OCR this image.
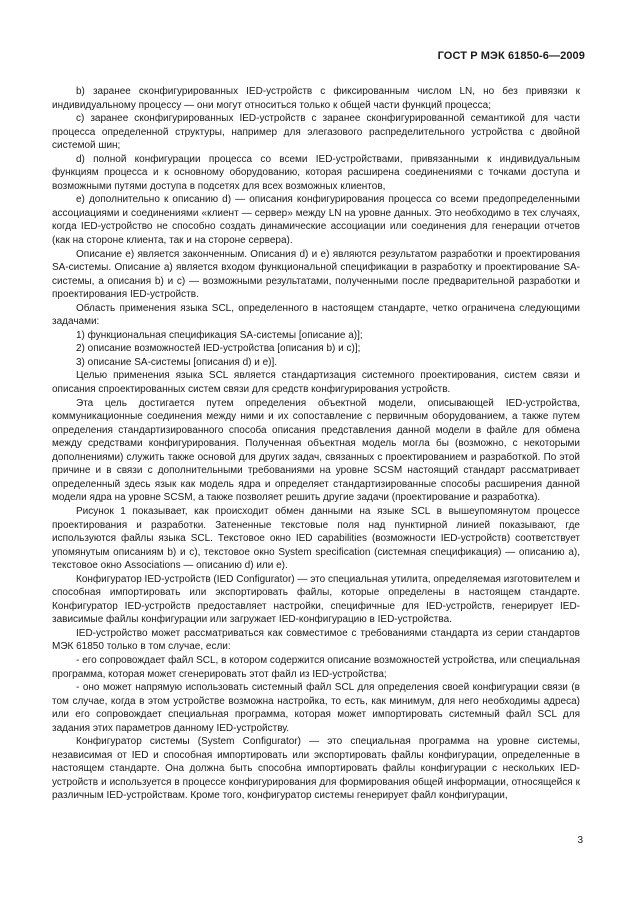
ГОСТ Р МЭК 61850-6—2009

b) заранее сконфигурированных IED-устройств с фиксированным числом LN, но без привязки к индивидуальному процессу — они могут относиться только к общей части функций процесса;

c) заранее сконфигурированных IED-устройств с заранее сконфигурированной семантикой для части процесса определенной структуры, например для элегазового распределительного устройства с двойной системой шин;

d) полной конфигурации процесса со всеми IED-устройствами, привязанными к индивидуальным функциям процесса и к основному оборудованию, которая расширена соединениями с точками доступа и возможными путями доступа в подсетях для всех возможных клиентов,

e) дополнительно к описанию d) — описания конфигурирования процесса со всеми предопределенными ассоциациями и соединениями «клиент — сервер» между LN на уровне данных. Это необходимо в тех случаях, когда IED-устройство не способно создать динамические ассоциации или соединения для генерации отчетов (как на стороне клиента, так и на стороне сервера).

Описание e) является законченным. Описания d) и e) являются результатом разработки и проектирования SA-системы. Описание a) является входом функциональной спецификации в разработку и проектирование SA-системы, а описания b) и c) — возможными результатами, полученными после предварительной разработки и проектирования IED-устройств.

Область применения языка SCL, определенного в настоящем стандарте, четко ограничена следующими задачами:

1) функциональная спецификация SA-системы [описание a)];

2) описание возможностей IED-устройства [описания b) и c)];

3) описание SA-системы [описания d) и e)].

Целью применения языка SCL является стандартизация системного проектирования, систем связи и описания спроектированных систем связи для средств конфигурирования устройств.

Эта цель достигается путем определения объектной модели, описывающей IED-устройства, коммуникационные соединения между ними и их сопоставление с первичным оборудованием, а также путем определения стандартизированного способа описания представления данной модели в файле для обмена между средствами конфигурирования. Полученная объектная модель могла бы (возможно, с некоторыми дополнениями) служить также основой для других задач, связанных с проектированием и разработкой. По этой причине и в связи с дополнительными требованиями на уровне SCSM настоящий стандарт рассматривает определенный здесь язык как модель ядра и определяет стандартизированные способы расширения данной модели ядра на уровне SCSM, а также позволяет решить другие задачи (проектирование и разработка).

Рисунок 1 показывает, как происходит обмен данными на языке SCL в вышеупомянутом процессе проектирования и разработки. Затененные текстовые поля над пунктирной линией показывают, где используются файлы языка SCL. Текстовое окно IED capabilities (возможности IED-устройств) соответствует упомянутым описаниям b) и c), текстовое окно System specification (системная спецификация) — описанию a), текстовое окно Associations — описанию d) или e).

Конфигуратор IED-устройств (IED Configurator) — это специальная утилита, определяемая изготовителем и способная импортировать или экспортировать файлы, которые определены в настоящем стандарте. Конфигуратор IED-устройств предоставляет настройки, специфичные для IED-устройств, генерирует IED-зависимые файлы конфигурации или загружает IED-конфигурацию в IED-устройства.

IED-устройство может рассматриваться как совместимое с требованиями стандарта из серии стандартов МЭК 61850 только в том случае, если:

- его сопровождает файл SCL, в котором содержится описание возможностей устройства, или специальная программа, которая может сгенерировать этот файл из IED-устройства;

- оно может напрямую использовать системный файл SCL для определения своей конфигурации связи (в том случае, когда в этом устройстве возможна настройка, то есть, как минимум, для него необходимы адреса) или его сопровождает специальная программа, которая может импортировать системный файл SCL для задания этих параметров данному IED-устройству.

Конфигуратор системы (System Configurator) — это специальная программа на уровне системы, независимая от IED и способная импортировать или экспортировать файлы конфигурации, определенные в настоящем стандарте. Она должна быть способна импортировать файлы конфигурации с нескольких IED-устройств и используется в процессе конфигурирования для формирования общей информации, относящейся к различным IED-устройствам. Кроме того, конфигуратор системы генерирует файл конфигурации,

3
